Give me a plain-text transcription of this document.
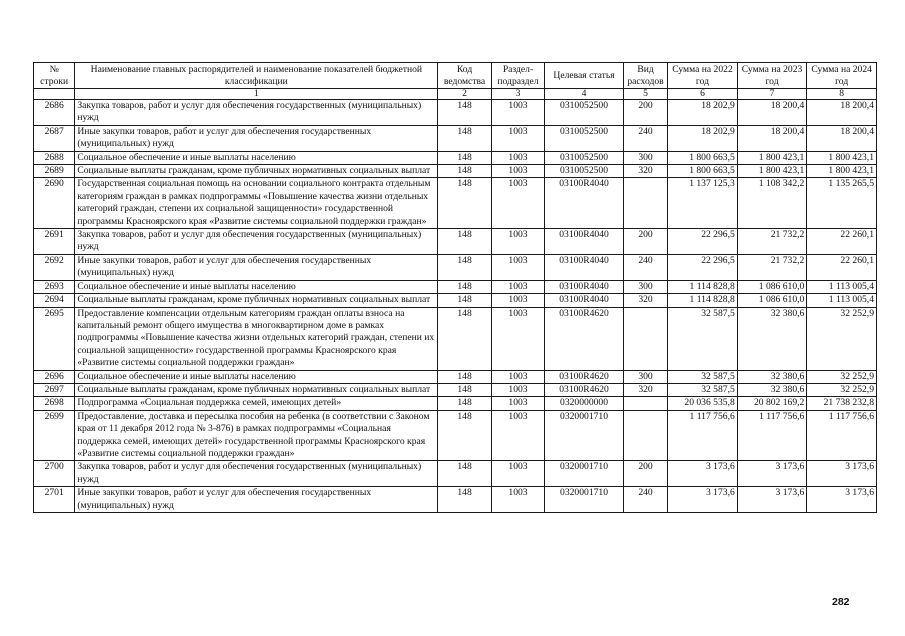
№ строки	Наименование главных распорядителей и наименование показателей бюджетной классификации	Код ведомства	Раздел-подраздел	Целевая статья	Вид расходов	Сумма на 2022 год	Сумма на 2023 год	Сумма на 2024 год
	1	2	3	4	5	6	7	8
2686	Закупка товаров, работ и услуг для обеспечения государственных (муниципальных) нужд	148	1003	0310052500	200	18 202,9	18 200,4	18 200,4
2687	Иные закупки товаров, работ и услуг для обеспечения государственных (муниципальных) нужд	148	1003	0310052500	240	18 202,9	18 200,4	18 200,4
2688	Социальное обеспечение и иные выплаты населению	148	1003	0310052500	300	1 800 663,5	1 800 423,1	1 800 423,1
2689	Социальные выплаты гражданам, кроме публичных нормативных социальных выплат	148	1003	0310052500	320	1 800 663,5	1 800 423,1	1 800 423,1
2690	Государственная социальная помощь на основании социального контракта отдельным категориям граждан в рамках подпрограммы «Повышение качества жизни отдельных категорий граждан, степени их социальной защищенности» государственной программы Красноярского края «Развитие системы социальной поддержки граждан»	148	1003	03100R4040		1 137 125,3	1 108 342,2	1 135 265,5
2691	Закупка товаров, работ и услуг для обеспечения государственных (муниципальных) нужд	148	1003	03100R4040	200	22 296,5	21 732,2	22 260,1
2692	Иные закупки товаров, работ и услуг для обеспечения государственных (муниципальных) нужд	148	1003	03100R4040	240	22 296,5	21 732,2	22 260,1
2693	Социальное обеспечение и иные выплаты населению	148	1003	03100R4040	300	1 114 828,8	1 086 610,0	1 113 005,4
2694	Социальные выплаты гражданам, кроме публичных нормативных социальных выплат	148	1003	03100R4040	320	1 114 828,8	1 086 610,0	1 113 005,4
2695	Предоставление компенсации отдельным категориям граждан оплаты взноса на капитальный ремонт общего имущества в многоквартирном доме в рамках подпрограммы «Повышение качества жизни отдельных категорий граждан, степени их социальной защищенности» государственной программы Красноярского края «Развитие системы социальной поддержки граждан»	148	1003	03100R4620		32 587,5	32 380,6	32 252,9
2696	Социальное обеспечение и иные выплаты населению	148	1003	03100R4620	300	32 587,5	32 380,6	32 252,9
2697	Социальные выплаты гражданам, кроме публичных нормативных социальных выплат	148	1003	03100R4620	320	32 587,5	32 380,6	32 252,9
2698	Подпрограмма «Социальная поддержка семей, имеющих детей»	148	1003	0320000000		20 036 535,8	20 802 169,2	21 738 232,8
2699	Предоставление, доставка и пересылка пособия на ребенка (в соответствии с Законом края от 11 декабря 2012 года № 3-876) в рамках подпрограммы «Социальная поддержка семей, имеющих детей» государственной программы Красноярского края «Развитие системы социальной поддержки граждан»	148	1003	0320001710		1 117 756,6	1 117 756,6	1 117 756,6
2700	Закупка товаров, работ и услуг для обеспечения государственных (муниципальных) нужд	148	1003	0320001710	200	3 173,6	3 173,6	3 173,6
2701	Иные закупки товаров, работ и услуг для обеспечения государственных (муниципальных) нужд	148	1003	0320001710	240	3 173,6	3 173,6	3 173,6
282
